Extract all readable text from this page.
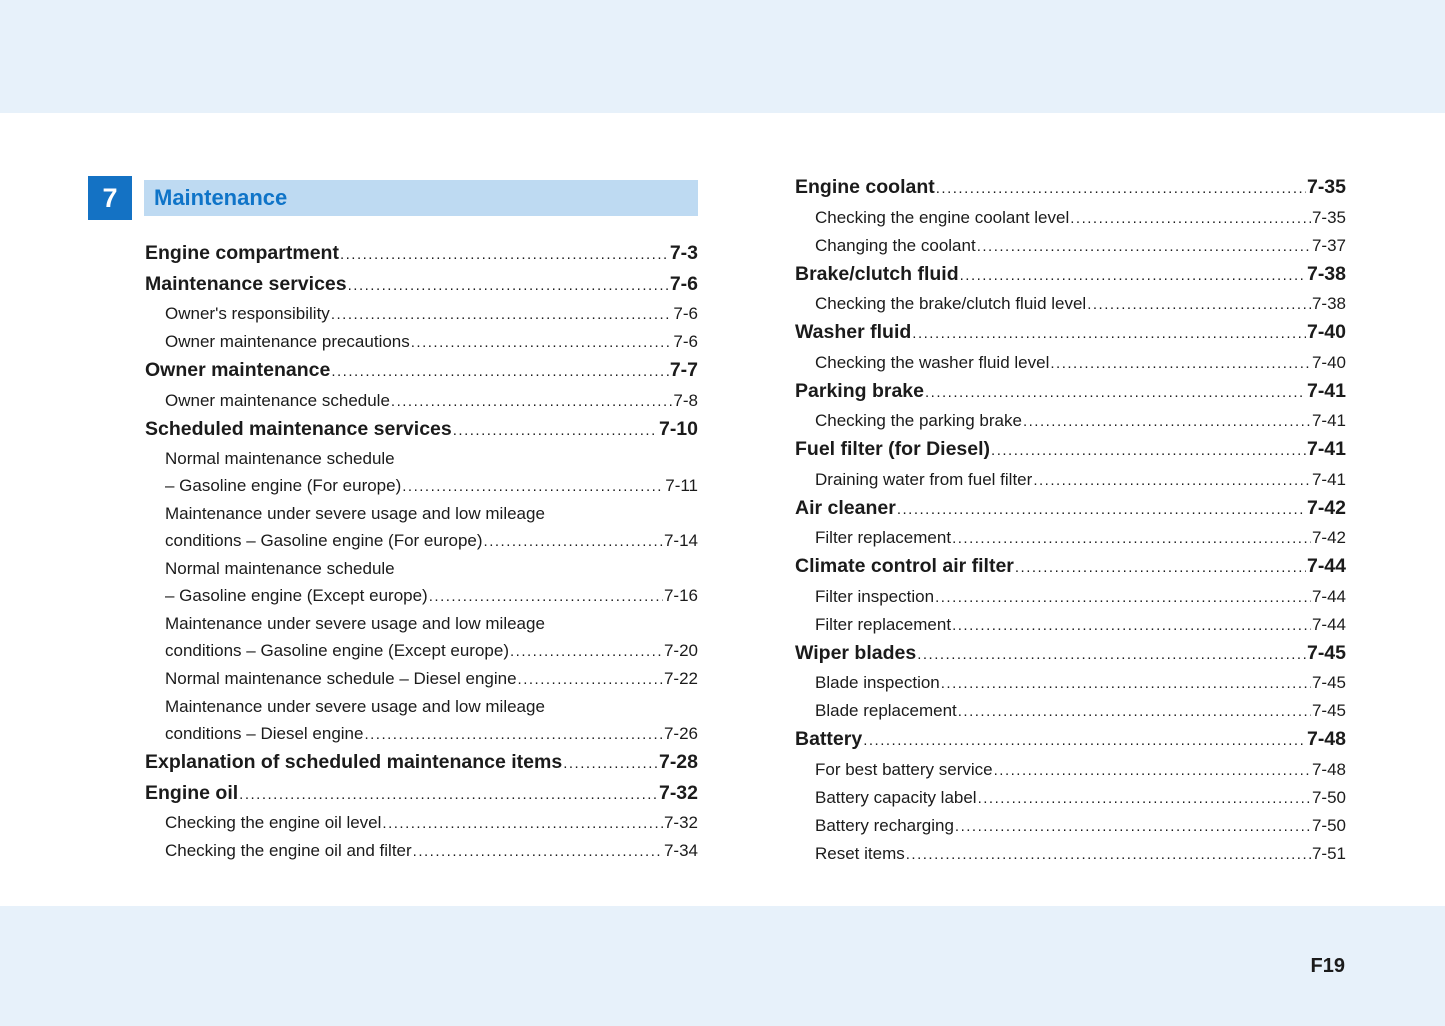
7 Maintenance
Engine compartment .....	7-3
Maintenance services .....	7-6
Owner's responsibility .....	7-6
Owner maintenance precautions .....	7-6
Owner maintenance .....	7-7
Owner maintenance schedule .....	7-8
Scheduled maintenance services .....	7-10
Normal maintenance schedule
– Gasoline engine (For europe) .....	7-11
Maintenance under severe usage and low mileage
conditions – Gasoline engine (For europe) .....	7-14
Normal maintenance schedule
– Gasoline engine (Except europe) .....	7-16
Maintenance under severe usage and low mileage
conditions – Gasoline engine (Except europe) .....	7-20
Normal maintenance schedule – Diesel engine .....	7-22
Maintenance under severe usage and low mileage
conditions – Diesel engine .....	7-26
Explanation of scheduled maintenance items .....	7-28
Engine oil .....	7-32
Checking the engine oil level .....	7-32
Checking the engine oil and filter .....	7-34
Engine coolant .....	7-35
Checking the engine coolant level .....	7-35
Changing the coolant .....	7-37
Brake/clutch fluid .....	7-38
Checking the brake/clutch fluid level .....	7-38
Washer fluid .....	7-40
Checking the washer fluid level .....	7-40
Parking brake .....	7-41
Checking the parking brake .....	7-41
Fuel filter (for Diesel) .....	7-41
Draining water from fuel filter .....	7-41
Air cleaner .....	7-42
Filter replacement .....	7-42
Climate control air filter .....	7-44
Filter inspection .....	7-44
Filter replacement .....	7-44
Wiper blades .....	7-45
Blade inspection .....	7-45
Blade replacement .....	7-45
Battery .....	7-48
For best battery service .....	7-48
Battery capacity label .....	7-50
Battery recharging .....	7-50
Reset items .....	7-51
F19
